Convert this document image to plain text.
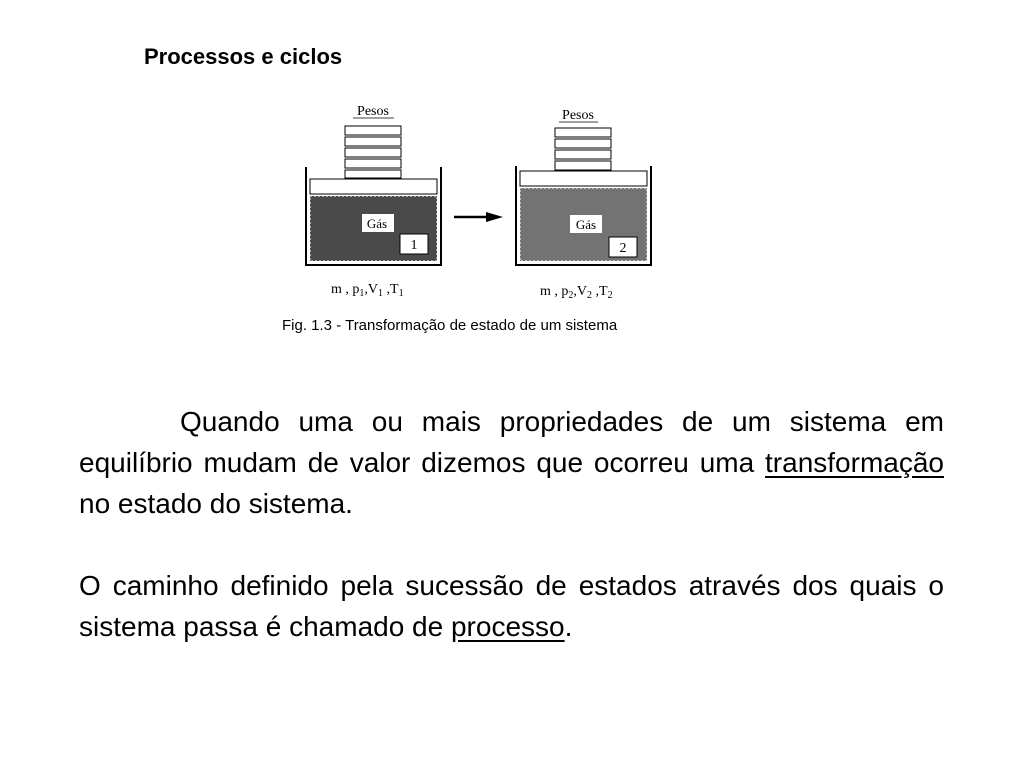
Processos e ciclos
Pesos
Gás
1
m , $p_1,V_1$ $,T_1$
Pesos
Gás
2
m , $p_2,V_2$ $,T_2$
Fig. 1.3 - Transformação de estado de um sistema

Quando uma ou mais propriedades de um sistema em equilíbrio mudam de valor dizemos que ocorreu uma transformação no estado do sistema.

O caminho definido pela sucessão de estados através dos quais o sistema passa é chamado de processo.
